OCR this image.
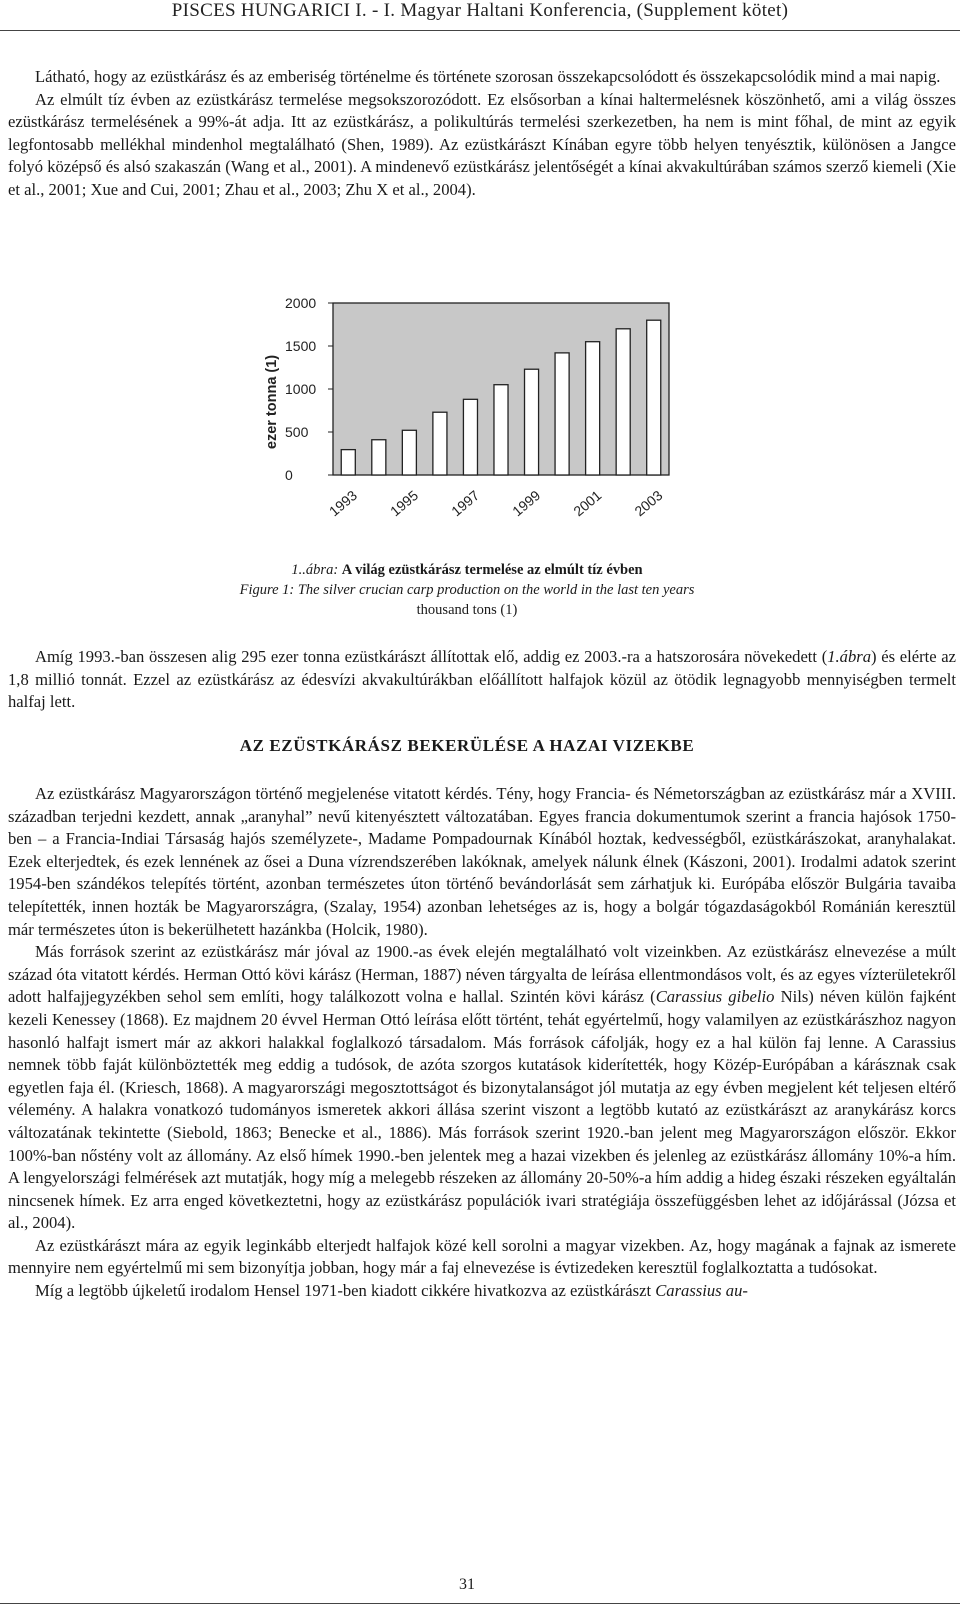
PISCES HUNGARICI I. - I. Magyar Haltani Konferencia, (Supplement kötet)

Látható, hogy az ezüstkárász és az emberiség történelme és története szorosan összekapcsolódott és összekapcsolódik mind a mai napig.

Az elmúlt tíz évben az ezüstkárász termelése megsokszorozódott. Ez elsősorban a kínai haltermelésnek köszönhető, ami a világ összes ezüstkárász termelésének a 99%-át adja. Itt az ezüstkárász, a polikultúrás termelési szerkezetben, ha nem is mint főhal, de mint az egyik legfontosabb mellékhal mindenhol megtalálható (Shen, 1989). Az ezüstkárászt Kínában egyre több helyen tenyésztik, különösen a Jangce folyó középső és alsó szakaszán (Wang et al., 2001). A mindenevő ezüstkárász jelentőségét a kínai akvakultúrában számos szerző kiemeli (Xie et al., 2001; Xue and Cui, 2001; Zhau et al., 2003; Zhu X et al., 2004).

ezer tonna (1)
0
500
1000
1500
2000
1993 1995 1997 1999 2001 2003
1..ábra: A világ ezüstkárász termelése az elmúlt tíz évben
Figure 1: The silver crucian carp production on the world in the last ten years
thousand tons (1)

Amíg 1993.-ban összesen alig 295 ezer tonna ezüstkárászt állítottak elő, addig ez 2003.-ra a hatszorosára növekedett (1.ábra) és elérte az 1,8 millió tonnát. Ezzel az ezüstkárász az édesvízi akvakultúrákban előállított halfajok közül az ötödik legnagyobb mennyiségben termelt halfaj lett.

AZ EZÜSTKÁRÁSZ BEKERÜLÉSE A HAZAI VIZEKBE

Az ezüstkárász Magyarországon történő megjelenése vitatott kérdés. Tény, hogy Francia- és Németországban az ezüstkárász már a XVIII. században terjedni kezdett, annak „aranyhal” nevű kitenyésztett változatában. Egyes francia dokumentumok szerint a francia hajósok 1750-ben – a Francia-Indiai Társaság hajós személyzete-, Madame Pompadournak Kínából hoztak, kedvességből, ezüstkárászokat, aranyhalakat. Ezek elterjedtek, és ezek lennének az ősei a Duna vízrendszerében lakóknak, amelyek nálunk élnek (Kászoni, 2001). Irodalmi adatok szerint 1954-ben szándékos telepítés történt, azonban természetes úton történő bevándorlását sem zárhatjuk ki. Európába először Bulgária tavaiba telepítették, innen hozták be Magyarországra, (Szalay, 1954) azonban lehetséges az is, hogy a bolgár tógazdaságokból Románián keresztül már természetes úton is bekerülhetett hazánkba (Holcik, 1980).

Más források szerint az ezüstkárász már jóval az 1900.-as évek elején megtalálható volt vizeinkben. Az ezüstkárász elnevezése a múlt század óta vitatott kérdés. Herman Ottó kövi kárász (Herman, 1887) néven tárgyalta de leírása ellentmondásos volt, és az egyes vízterületekről adott halfajjegyzékben sehol sem említi, hogy találkozott volna e hallal. Szintén kövi kárász (Carassius gibelio Nils) néven külön fajként kezeli Kenessey (1868). Ez majdnem 20 évvel Herman Ottó leírása előtt történt, tehát egyértelmű, hogy valamilyen az ezüstkárászhoz nagyon hasonló halfajt ismert már az akkori halakkal foglalkozó társadalom. Más források cáfolják, hogy ez a hal külön faj lenne. A Carassius nemnek több faját különböztették meg eddig a tudósok, de azóta szorgos kutatások kiderítették, hogy Közép-Európában a kárásznak csak egyetlen faja él. (Kriesch, 1868). A magyarországi megosztottságot és bizonytalanságot jól mutatja az egy évben megjelent két teljesen eltérő vélemény. A halakra vonatkozó tudományos ismeretek akkori állása szerint viszont a legtöbb kutató az ezüstkárászt az aranykárász korcs változatának tekintette (Siebold, 1863; Benecke et al., 1886). Más források szerint 1920.-ban jelent meg Magyarországon először. Ekkor 100%-ban nőstény volt az állomány. Az első hímek 1990.-ben jelentek meg a hazai vizekben és jelenleg az ezüstkárász állomány 10%-a hím. A lengyelországi felmérések azt mutatják, hogy míg a melegebb részeken az állomány 20-50%-a hím addig a hideg északi részeken egyáltalán nincsenek hímek. Ez arra enged következtetni, hogy az ezüstkárász populációk ivari stratégiája összefüggésben lehet az időjárással (Józsa et al., 2004).

Az ezüstkárászt mára az egyik leginkább elterjedt halfajok közé kell sorolni a magyar vizekben. Az, hogy magának a fajnak az ismerete mennyire nem egyértelmű mi sem bizonyítja jobban, hogy már a faj elnevezése is évtizedeken keresztül foglalkoztatta a tudósokat.

Míg a legtöbb újkeletű irodalom Hensel 1971-ben kiadott cikkére hivatkozva az ezüstkárászt Carassius au-

31
